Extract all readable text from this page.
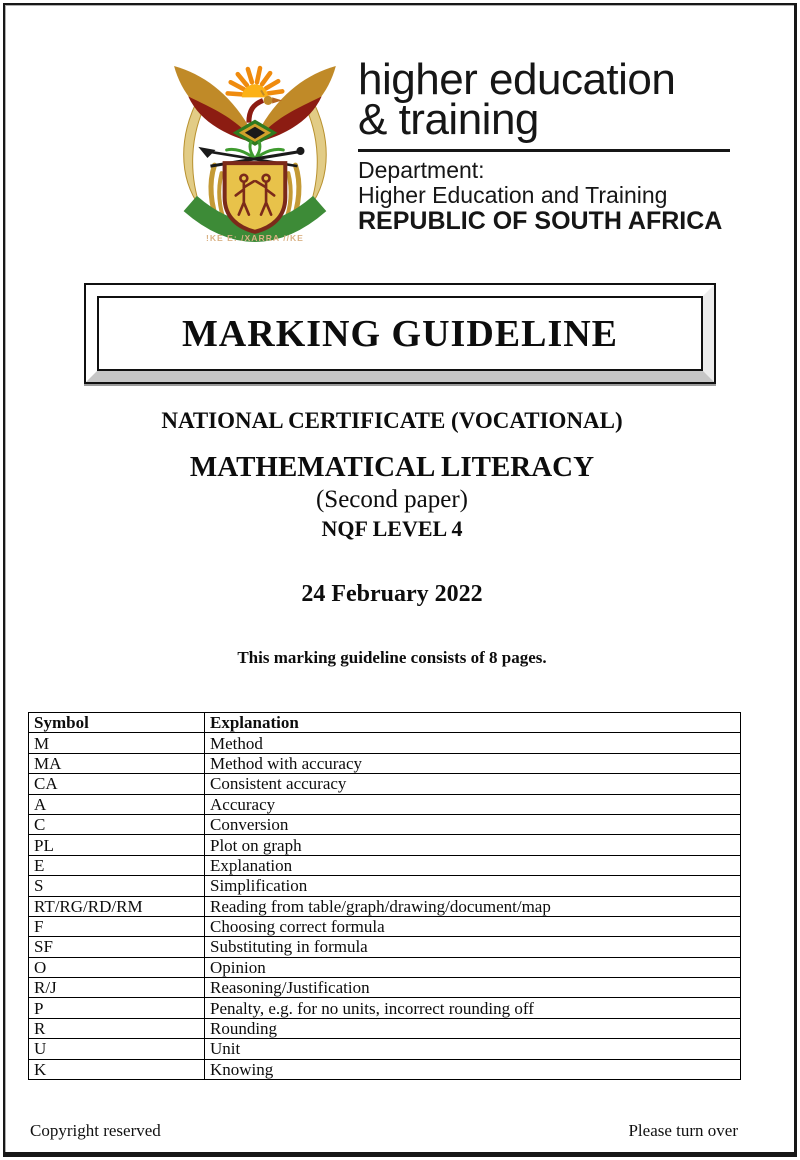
!KE E: /XARRA //KE
higher education
& training
Department:
Higher Education and Training
REPUBLIC OF SOUTH AFRICA
MARKING GUIDELINE
NATIONAL CERTIFICATE (VOCATIONAL)
MATHEMATICAL LITERACY
(Second paper)
NQF LEVEL 4
24 February 2022
This marking guideline consists of 8 pages.
Symbol	Explanation
M	Method
MA	Method with accuracy
CA	Consistent accuracy
A	Accuracy
C	Conversion
PL	Plot on graph
E	Explanation
S	Simplification
RT/RG/RD/RM	Reading from table/graph/drawing/document/map
F	Choosing correct formula
SF	Substituting in formula
O	Opinion
R/J	Reasoning/Justification
P	Penalty, e.g. for no units, incorrect rounding off
R	Rounding
U	Unit
K	Knowing
Copyright reserved	Please turn over
